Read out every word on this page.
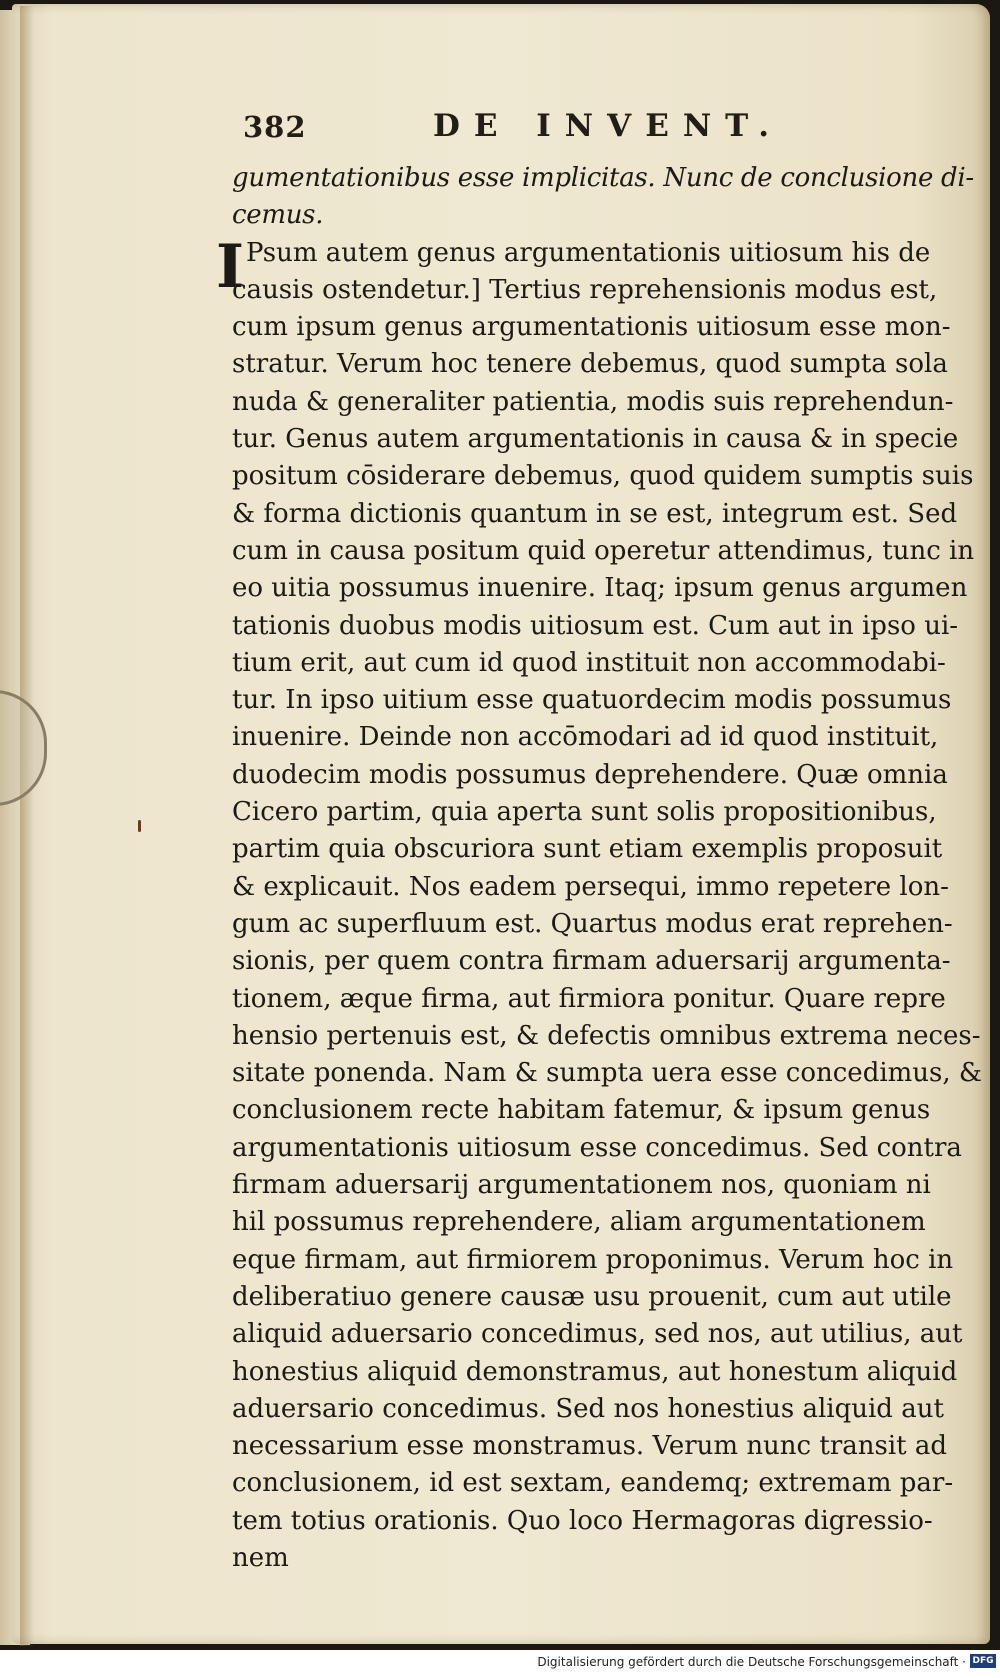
382	DE INVENT.
gumentationibus esse implicitas. Nunc de conclusione di-
cemus.
I Psum autem genus argumentationis uitiosum his de
causis ostendetur.] Tertius reprehensionis modus est,
cum ipsum genus argumentationis uitiosum esse mon-
stratur. Verum hoc tenere debemus, quod sumpta sola
nuda & generaliter patientia, modis suis reprehendun-
tur. Genus autem argumentationis in causa & in specie
positum cōsiderare debemus, quod quidem sumptis suis
& forma dictionis quantum in se est, integrum est. Sed
cum in causa positum quid operetur attendimus, tunc in
eo uitia possumus inuenire. Itaq; ipsum genus argumen
tationis duobus modis uitiosum est. Cum aut in ipso ui-
tium erit, aut cum id quod instituit non accommodabi-
tur. In ipso uitium esse quatuordecim modis possumus
inuenire. Deinde non accōmodari ad id quod instituit,
duodecim modis possumus deprehendere. Quæ omnia
Cicero partim, quia aperta sunt solis propositionibus,
partim quia obscuriora sunt etiam exemplis proposuit
& explicauit. Nos eadem persequi, immo repetere lon-
gum ac superfluum est. Quartus modus erat reprehen-
sionis, per quem contra firmam aduersarij argumenta-
tionem, æque firma, aut firmiora ponitur. Quare repre
hensio pertenuis est, & defectis omnibus extrema neces-
sitate ponenda. Nam & sumpta uera esse concedimus, &
conclusionem recte habitam fatemur, & ipsum genus
argumentationis uitiosum esse concedimus. Sed contra
firmam aduersarij argumentationem nos, quoniam ni
hil possumus reprehendere, aliam argumentationem
eque firmam, aut firmiorem proponimus. Verum hoc in
deliberatiuo genere causæ usu prouenit, cum aut utile
aliquid aduersario concedimus, sed nos, aut utilius, aut
honestius aliquid demonstramus, aut honestum aliquid
aduersario concedimus. Sed nos honestius aliquid aut
necessarium esse monstramus. Verum nunc transit ad
conclusionem, id est sextam, eandemq; extremam par-
tem totius orationis. Quo loco Hermagoras digressio-
nem
Digitalisierung gefördert durch die Deutsche Forschungsgemeinschaft · DFG
